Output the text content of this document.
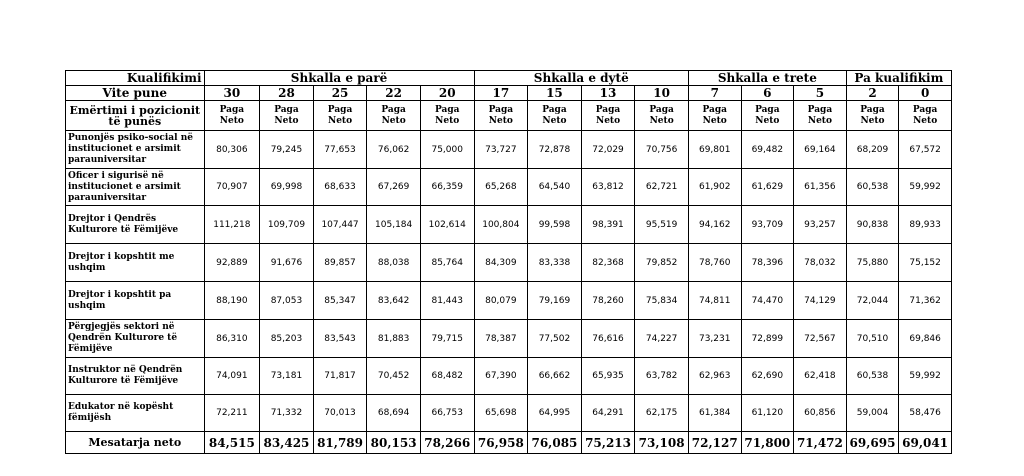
Kualifikimi	Shkalla e parë					Shkalla e dytë				Shkalla e trete			Pa kualifikim	
Vite pune	30	28	25	22	20	17	15	13	10	7	6	5	2	0
Emërtimi i pozicionit të punës	Paga Neto	Paga Neto	Paga Neto	Paga Neto	Paga Neto	Paga Neto	Paga Neto	Paga Neto	Paga Neto	Paga Neto	Paga Neto	Paga Neto	Paga Neto	Paga Neto
Punonjës psiko-social në institucionet e arsimit parauniversitar	80,306	79,245	77,653	76,062	75,000	73,727	72,878	72,029	70,756	69,801	69,482	69,164	68,209	67,572
Oficer i sigurisë në institucionet e arsimit parauniversitar	70,907	69,998	68,633	67,269	66,359	65,268	64,540	63,812	62,721	61,902	61,629	61,356	60,538	59,992
Drejtor i Qendrës Kulturore të Fëmijëve	111,218	109,709	107,447	105,184	102,614	100,804	99,598	98,391	95,519	94,162	93,709	93,257	90,838	89,933
Drejtor i kopshtit me ushqim	92,889	91,676	89,857	88,038	85,764	84,309	83,338	82,368	79,852	78,760	78,396	78,032	75,880	75,152
Drejtor i kopshtit pa ushqim	88,190	87,053	85,347	83,642	81,443	80,079	79,169	78,260	75,834	74,811	74,470	74,129	72,044	71,362
Përgjegjës sektori në Qendrën Kulturore të Fëmijëve	86,310	85,203	83,543	81,883	79,715	78,387	77,502	76,616	74,227	73,231	72,899	72,567	70,510	69,846
Instruktor në Qendrën Kulturore të Fëmijëve	74,091	73,181	71,817	70,452	68,482	67,390	66,662	65,935	63,782	62,963	62,690	62,418	60,538	59,992
Edukator në kopësht fëmijësh	72,211	71,332	70,013	68,694	66,753	65,698	64,995	64,291	62,175	61,384	61,120	60,856	59,004	58,476
Mesatarja neto	84,515	83,425	81,789	80,153	78,266	76,958	76,085	75,213	73,108	72,127	71,800	71,472	69,695	69,041
